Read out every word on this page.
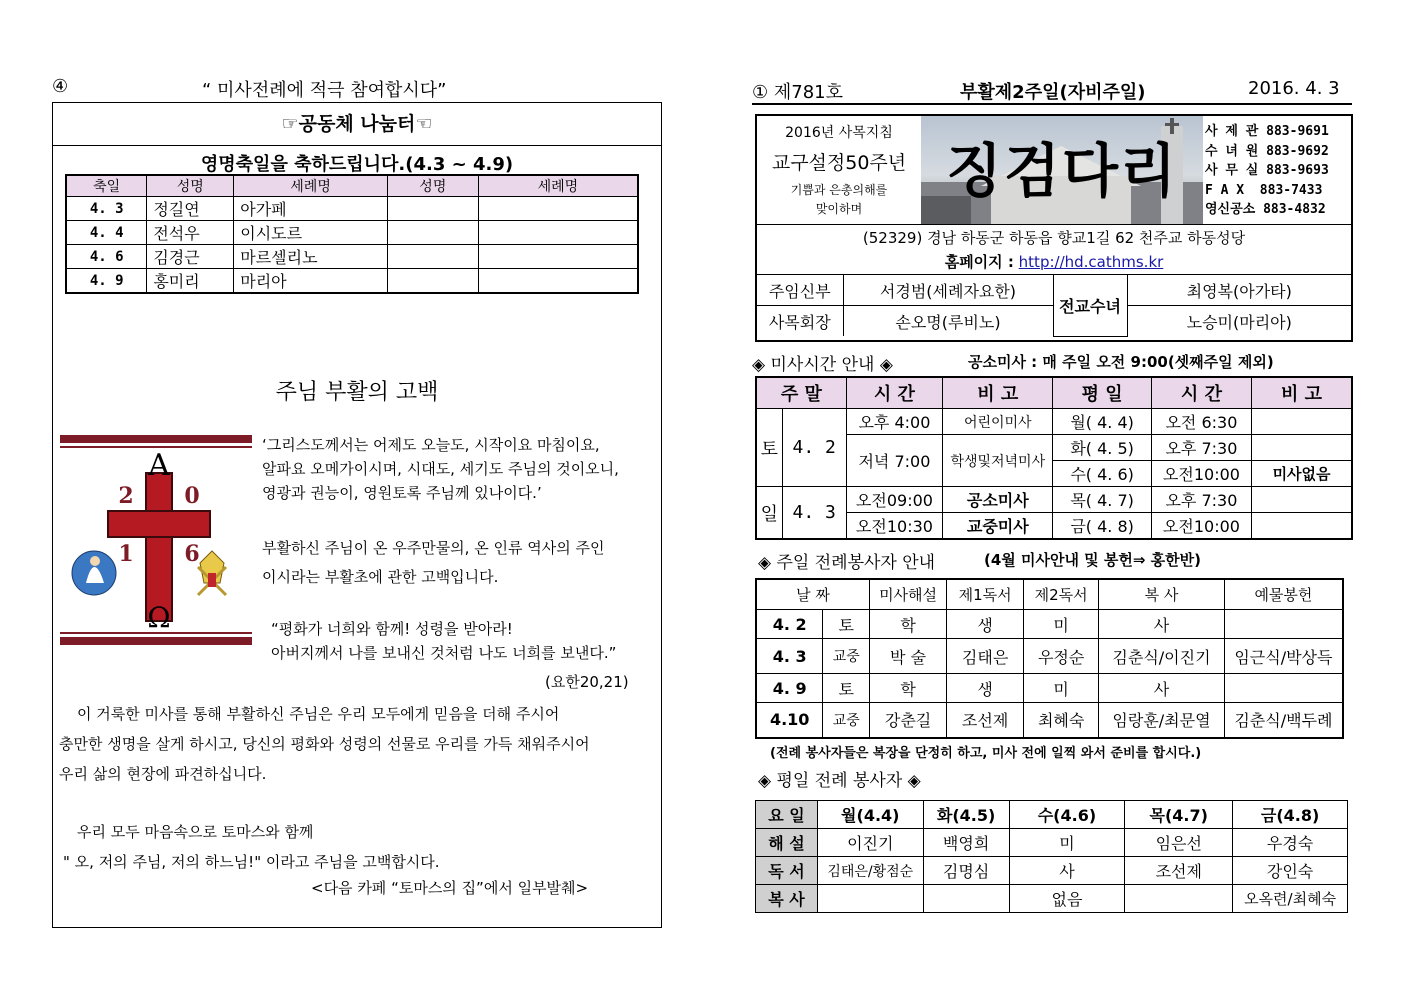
④	“ 미사전례에 적극 참여합시다”
☞공동체 나눔터☜
영명축일을 축하드립니다.(4.3 ~ 4.9)
축일	성명	세례명	성명	세례명
4. 3	정길연	아가페		
4. 4	전석우	이시도르		
4. 6	김경근	마르셀리노		
4. 9	홍미리	마리아		
주님 부활의 고백
A
Ω
2 0
1 6
‘그리스도께서는 어제도 오늘도, 시작이요 마침이요,
알파요 오메가이시며, 시대도, 세기도 주님의 것이오니,
영광과 권능이, 영원토록 주님께 있나이다.’
부활하신 주님이 온 우주만물의, 온 인류 역사의 주인
이시라는 부활초에 관한 고백입니다.
“평화가 너희와 함께! 성령을 받아라!
아버지께서 나를 보내신 것처럼 나도 너희를 보낸다.”
(요한20,21)
이 거룩한 미사를 통해 부활하신 주님은 우리 모두에게 믿음을 더해 주시어
충만한 생명을 살게 하시고, 당신의 평화와 성령의 선물로 우리를 가득 채워주시어
우리 삶의 현장에 파견하십니다.
우리 모두 마음속으로 토마스와 함께
" 오, 저의 주님, 저의 하느님!" 이라고 주님을 고백합시다.
<다음 카페 “토마스의 집”에서 일부발췌>
① 제781호	부활제2주일(자비주일)	2016. 4. 3
2016년 사목지침
교구설정50주년
기쁨과 은총의해를
맞이하며
징검다리
사 제 관 883-9691
수 녀 원 883-9692
사 무 실 883-9693
F A X 883-7433
영신공소 883-4832
(52329) 경남 하동군 하동읍 향교1길 62 천주교 하동성당
홈페이지 : http://hd.cathms.kr
주임신부	서경범(세례자요한)	전교수녀	최영복(아가타)
사목회장	손오명(루비노)		노승미(마리아)
◈ 미사시간 안내 ◈	공소미사 : 매 주일 오전 9:00(셋째주일 제외)
주 말		시 간	비 고	평 일	시 간	비 고
토	4. 2	오후 4:00	어린이미사	월( 4. 4)	오전 6:30	
		저녁 7:00	학생및저녁미사	화( 4. 5)	오후 7:30	
				수( 4. 6)	오전10:00	미사없음
일	4. 3	오전09:00	공소미사	목( 4. 7)	오후 7:30	
		오전10:30	교중미사	금( 4. 8)	오전10:00	
◈ 주일 전례봉사자 안내	(4월 미사안내 및 봉헌⇒ 홍한반)
날 짜		미사해설	제1독서	제2독서	복 사	예물봉헌
4. 2	토	학	생	미	사	
4. 3	교중	박 술	김태은	우정순	김춘식/이진기	임근식/박상득
4. 9	토	학	생	미	사	
4.10	교중	강춘길	조선제	최혜숙	임랑훈/최문열	김춘식/백두례
(전례 봉사자들은 복장을 단정히 하고, 미사 전에 일찍 와서 준비를 합시다.)
◈ 평일 전례 봉사자 ◈
요 일	월(4.4)	화(4.5)	수(4.6)	목(4.7)	금(4.8)
해 설	이진기	백영희	미	임은선	우경숙
독 서	김태은/황점순	김명심	사	조선제	강인숙
복 사			없음		오옥련/최혜숙
